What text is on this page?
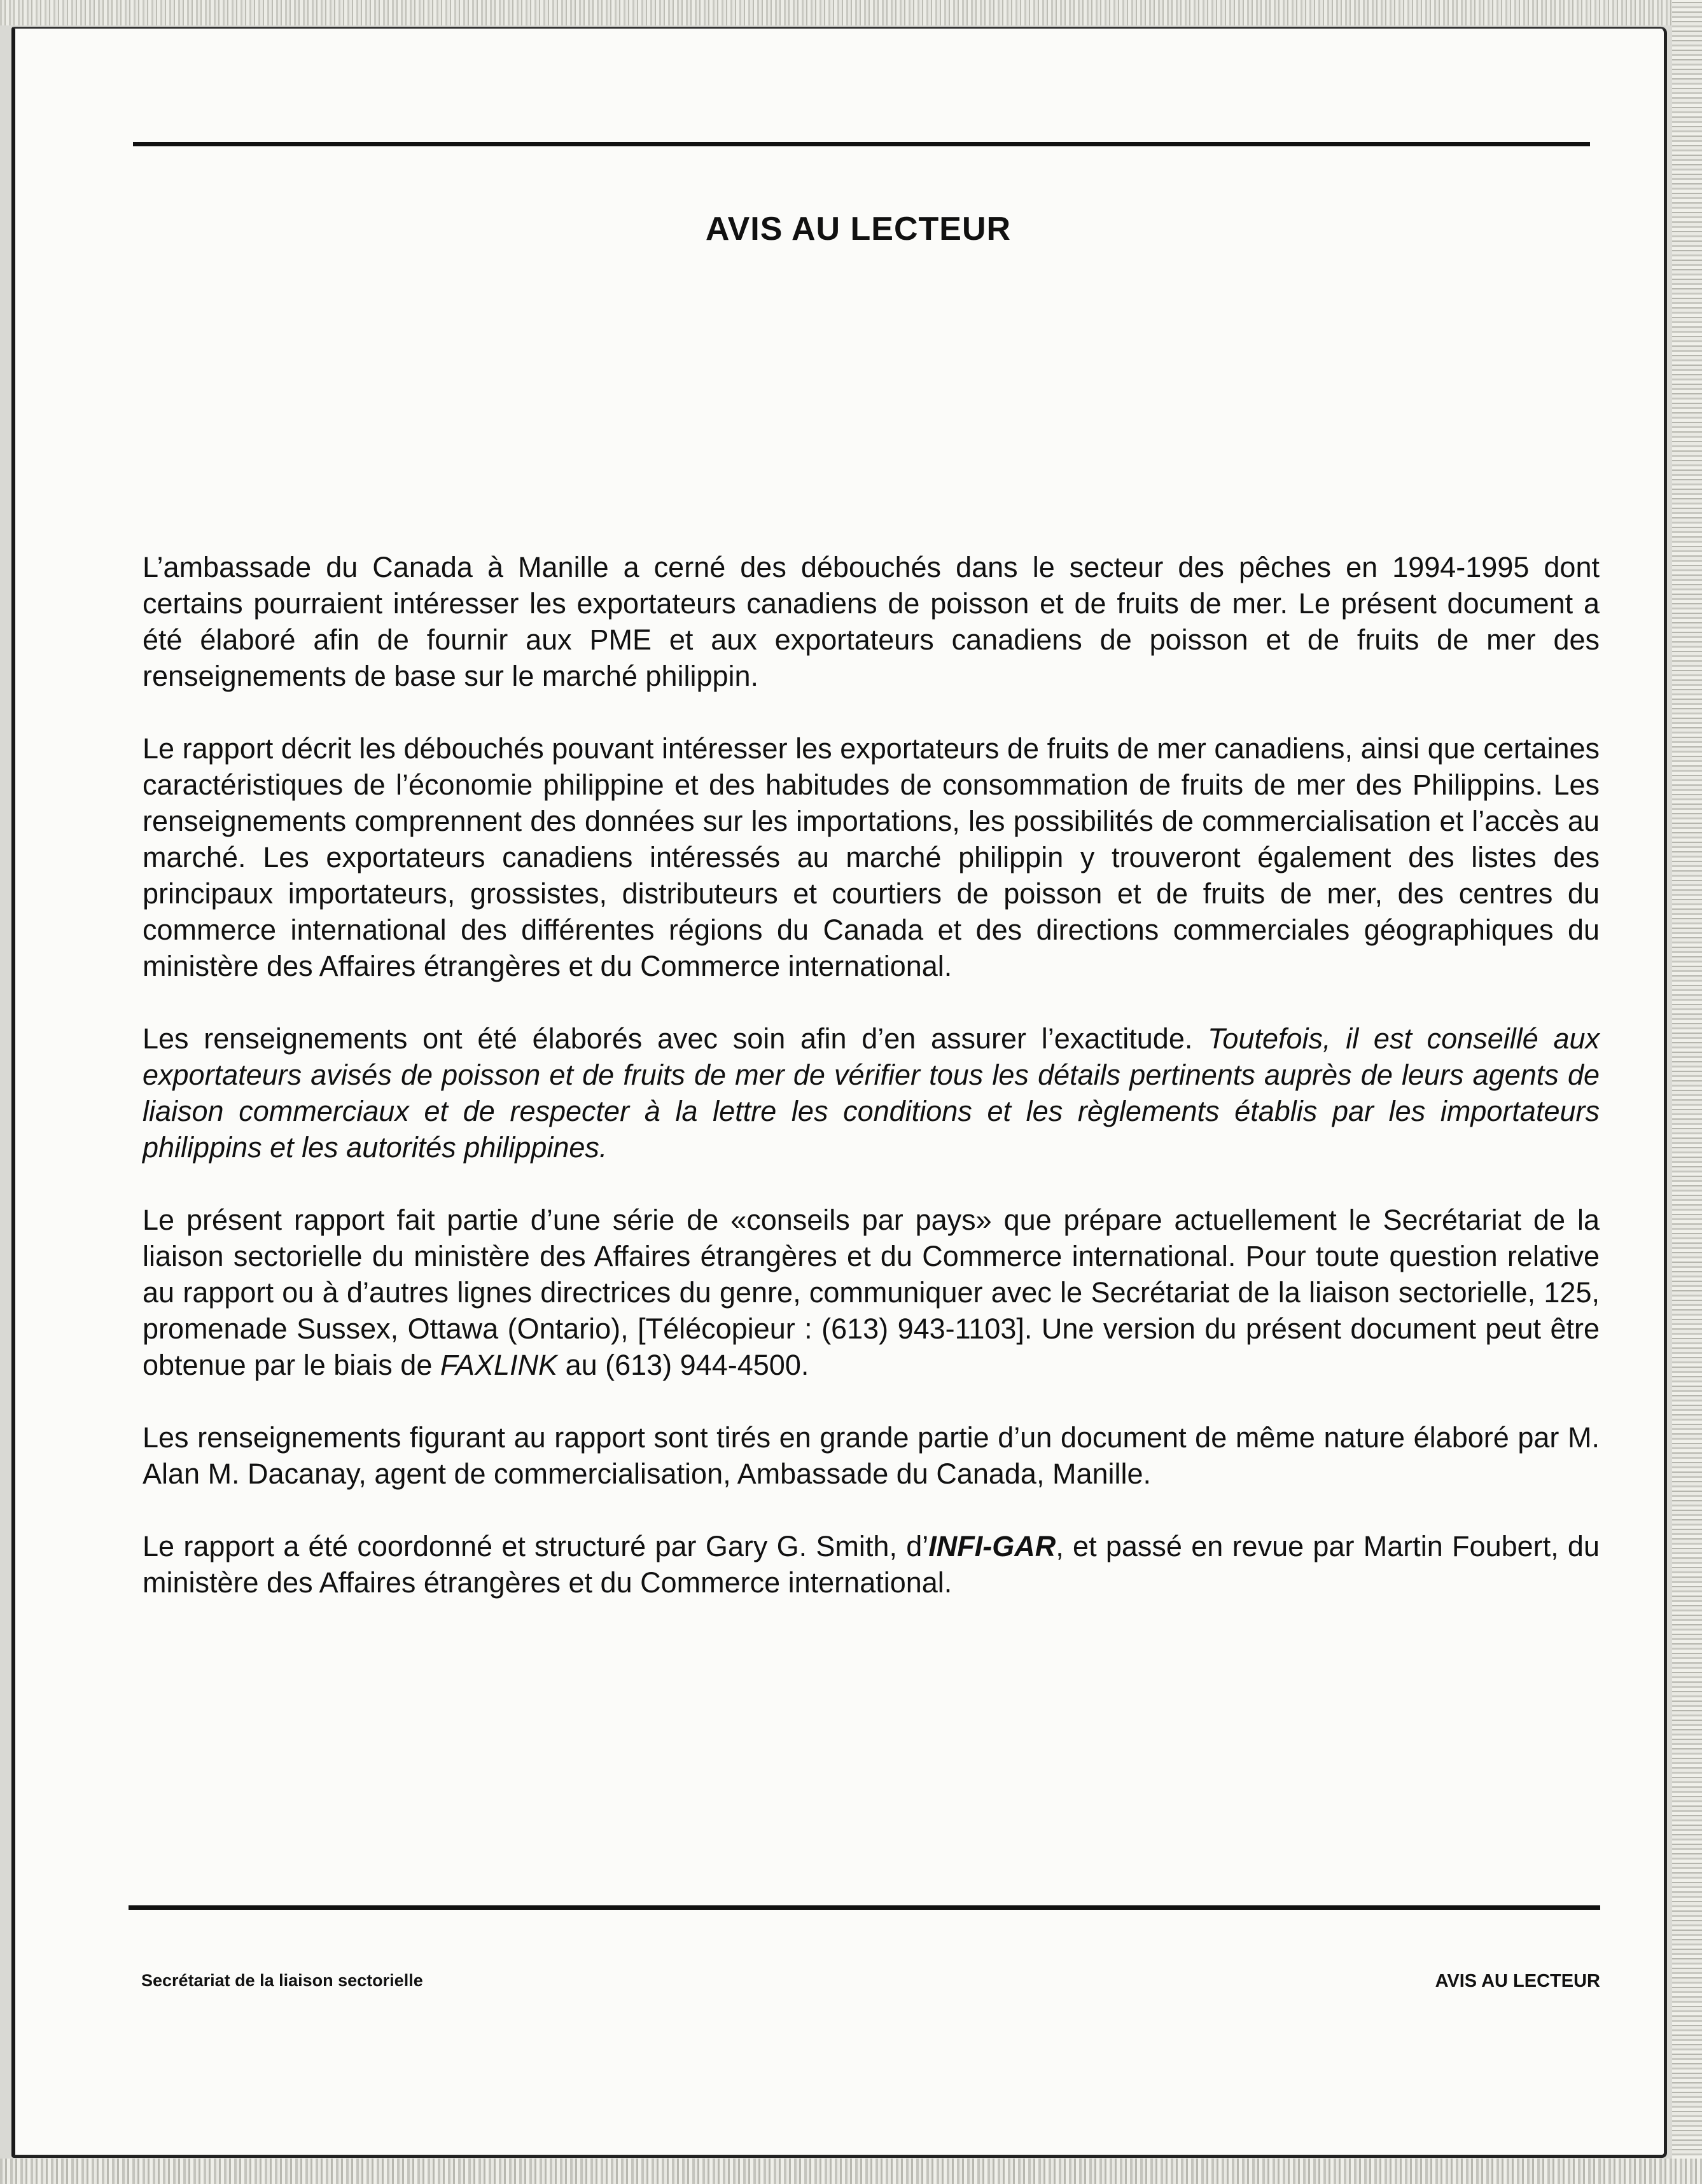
AVIS AU LECTEUR

L’ambassade du Canada à Manille a cerné des débouchés dans le secteur des pêches en 1994-1995 dont certains pourraient intéresser les exportateurs canadiens de poisson et de fruits de mer. Le présent document a été élaboré afin de fournir aux PME et aux exportateurs canadiens de poisson et de fruits de mer des renseignements de base sur le marché philippin.

Le rapport décrit les débouchés pouvant intéresser les exportateurs de fruits de mer canadiens, ainsi que certaines caractéristiques de l’économie philippine et des habitudes de consommation de fruits de mer des Philippins. Les renseignements comprennent des données sur les importations, les possibilités de commercialisation et l’accès au marché. Les exportateurs canadiens intéressés au marché philippin y trouveront également des listes des principaux importateurs, grossistes, distributeurs et courtiers de poisson et de fruits de mer, des centres du commerce international des différentes régions du Canada et des directions commerciales géographiques du ministère des Affaires étrangères et du Commerce international.

Les renseignements ont été élaborés avec soin afin d’en assurer l’exactitude. Toutefois, il est conseillé aux exportateurs avisés de poisson et de fruits de mer de vérifier tous les détails pertinents auprès de leurs agents de liaison commerciaux et de respecter à la lettre les conditions et les règlements établis par les importateurs philippins et les autorités philippines.

Le présent rapport fait partie d’une série de «conseils par pays» que prépare actuellement le Secrétariat de la liaison sectorielle du ministère des Affaires étrangères et du Commerce international. Pour toute question relative au rapport ou à d’autres lignes directrices du genre, communiquer avec le Secrétariat de la liaison sectorielle, 125, promenade Sussex, Ottawa (Ontario), [Télécopieur : (613) 943-1103]. Une version du présent document peut être obtenue par le biais de FAXLINK au (613) 944-4500.

Les renseignements figurant au rapport sont tirés en grande partie d’un document de même nature élaboré par M. Alan M. Dacanay, agent de commercialisation, Ambassade du Canada, Manille.

Le rapport a été coordonné et structuré par Gary G. Smith, d’INFI-GAR, et passé en revue par Martin Foubert, du ministère des Affaires étrangères et du Commerce international.

Secrétariat de la liaison sectorielle	AVIS AU LECTEUR
